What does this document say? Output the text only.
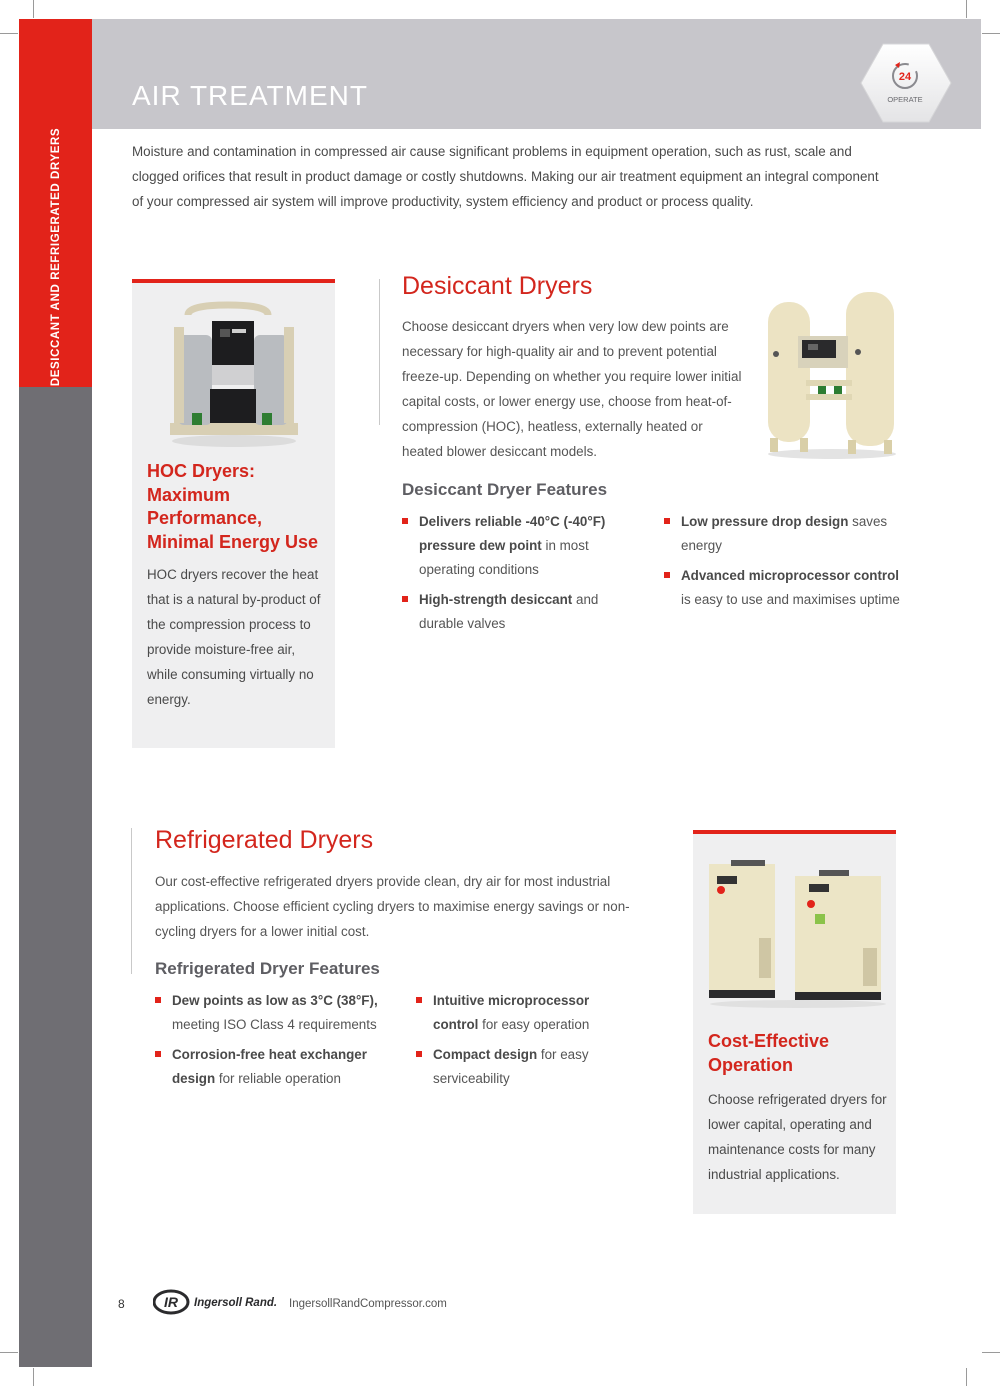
DESICCANT AND REFRIGERATED DRYERS
AIR TREATMENT
24
OPERATE
Moisture and contamination in compressed air cause significant problems in equipment operation, such as rust, scale and clogged orifices that result in product damage or costly shutdowns. Making our air treatment equipment an integral component of your compressed air system will improve productivity, system efficiency and product or process quality.
HOC Dryers: Maximum Performance, Minimal Energy Use
HOC dryers recover the heat that is a natural by-product of the compression process to provide moisture-free air, while consuming virtually no energy.
Desiccant Dryers
Choose desiccant dryers when very low dew points are necessary for high-quality air and to prevent potential freeze-up. Depending on whether you require lower initial capital costs, or lower energy use, choose from heat-of-compression (HOC), heatless, externally heated or heated blower desiccant models.
Desiccant Dryer Features
Delivers reliable -40°C (-40°F) pressure dew point in most operating conditions
High-strength desiccant and durable valves
Low pressure drop design saves energy
Advanced microprocessor control is easy to use and maximises uptime
Refrigerated Dryers
Our cost-effective refrigerated dryers provide clean, dry air for most industrial applications. Choose efficient cycling dryers to maximise energy savings or non-cycling dryers for a lower initial cost.
Refrigerated Dryer Features
Dew points as low as 3°C (38°F), meeting ISO Class 4 requirements
Corrosion-free heat exchanger design for reliable operation
Intuitive microprocessor control for easy operation
Compact design for easy serviceability
Cost-Effective Operation
Choose refrigerated dryers for lower capital, operating and maintenance costs for many industrial applications.
8	IR Ingersoll Rand. IngersollRandCompressor.com
